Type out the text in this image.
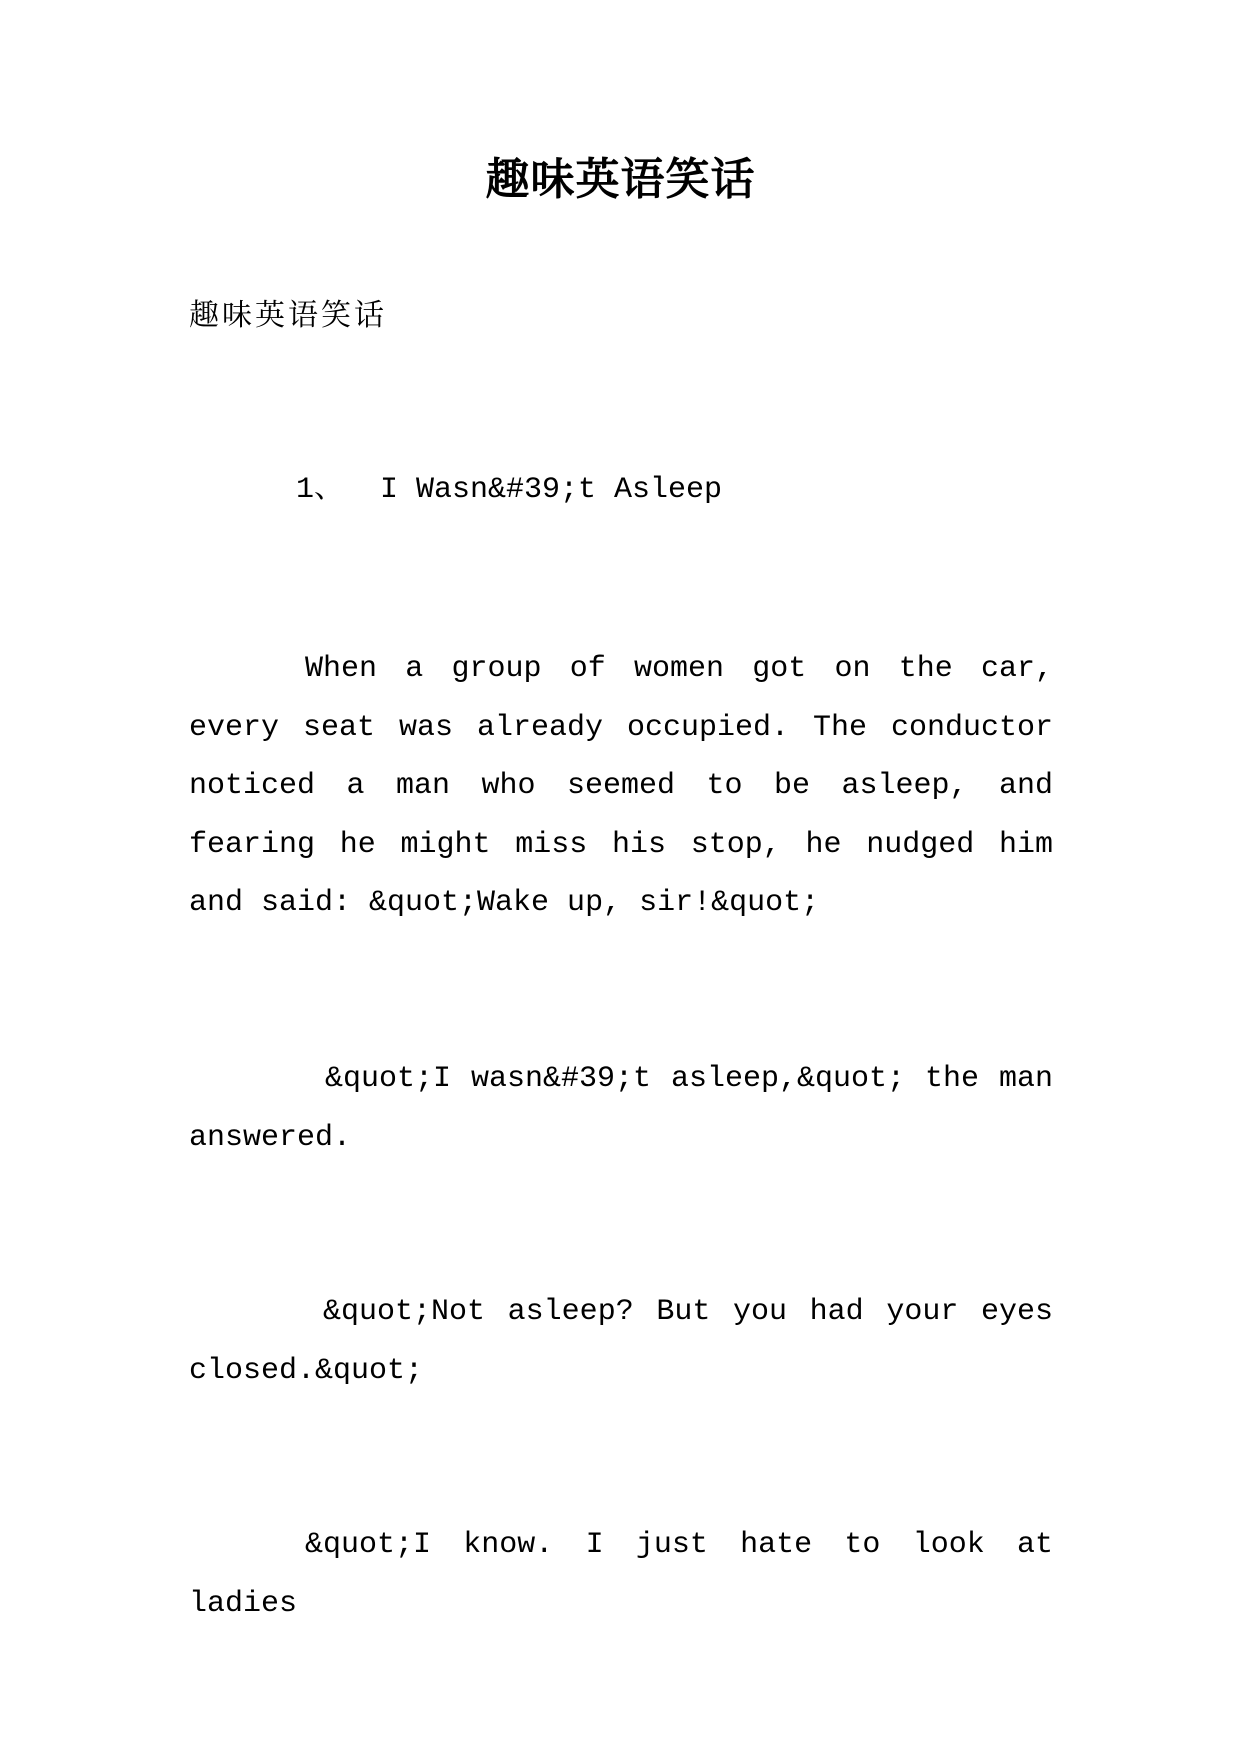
趣味英语笑话
趣味英语笑话
1、  I Wasn&#39;t Asleep
When a group of women got on the car, every seat was already occupied. The conductor noticed a man who seemed to be asleep, and fearing he might miss his stop, he nudged him and said: &quot;Wake up, sir!&quot;
&quot;I wasn&#39;t asleep,&quot; the man answered.
&quot;Not asleep? But you had your eyes closed.&quot;
&quot;I know. I just hate to look at ladies
